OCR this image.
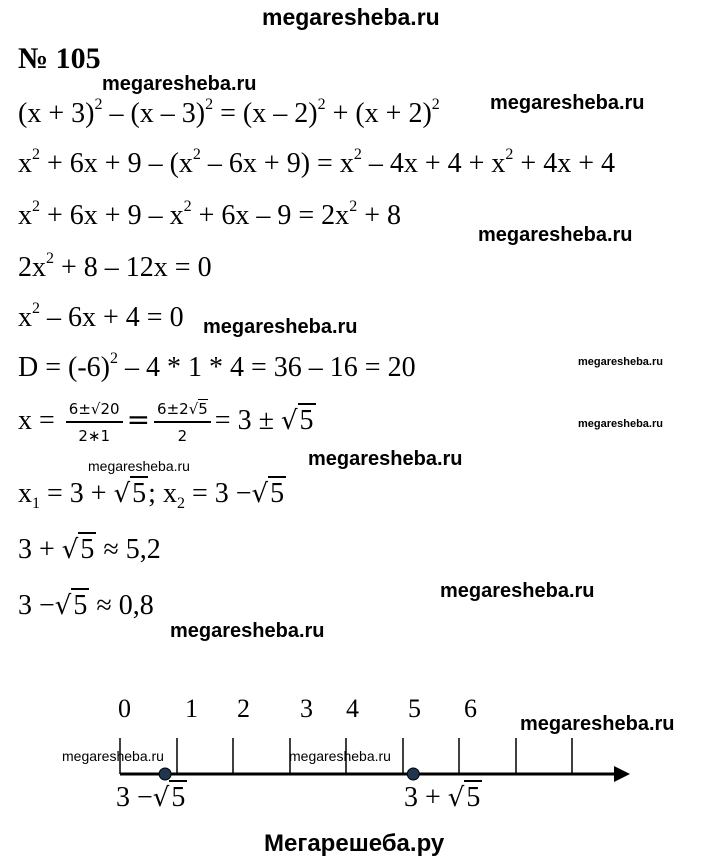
megaresheba.ru
№ 105
$(x + 3)^2 - (x - 3)^2 = (x - 2)^2 + (x + 2)^2$
$x^2 + 6x + 9 - (x^2 - 6x + 9) = x^2 - 4x + 4 + x^2 + 4x + 4$
$x^2 + 6x + 9 - x^2 + 6x - 9 = 2x^2 + 8$
$2x^2 + 8 - 12x = 0$
$x^2 - 6x + 4 = 0$
$D = (-6)^2 - 4 * 1 * 4 = 36 - 16 = 20$
$x = \frac{6\pm√20}{2∗1} = \frac{6\pm 2√5}{2} = 3 \pm √5$
$x_1 = 3 + √5$; $x_2 = 3 -√5$
3 + √5 ≈ 5,2
3 −√5 ≈ 0,8
megaresheba.ru
megaresheba.ru
megaresheba.ru
megaresheba.ru
megaresheba.ru
megaresheba.ru
megaresheba.ru
megaresheba.ru
megaresheba.ru
megaresheba.ru
megaresheba.ru
megaresheba.ru	megaresheba.ru
0 1 2 3 4 5 6
3 −√5	3 + √5
Мегарешеба.ру
